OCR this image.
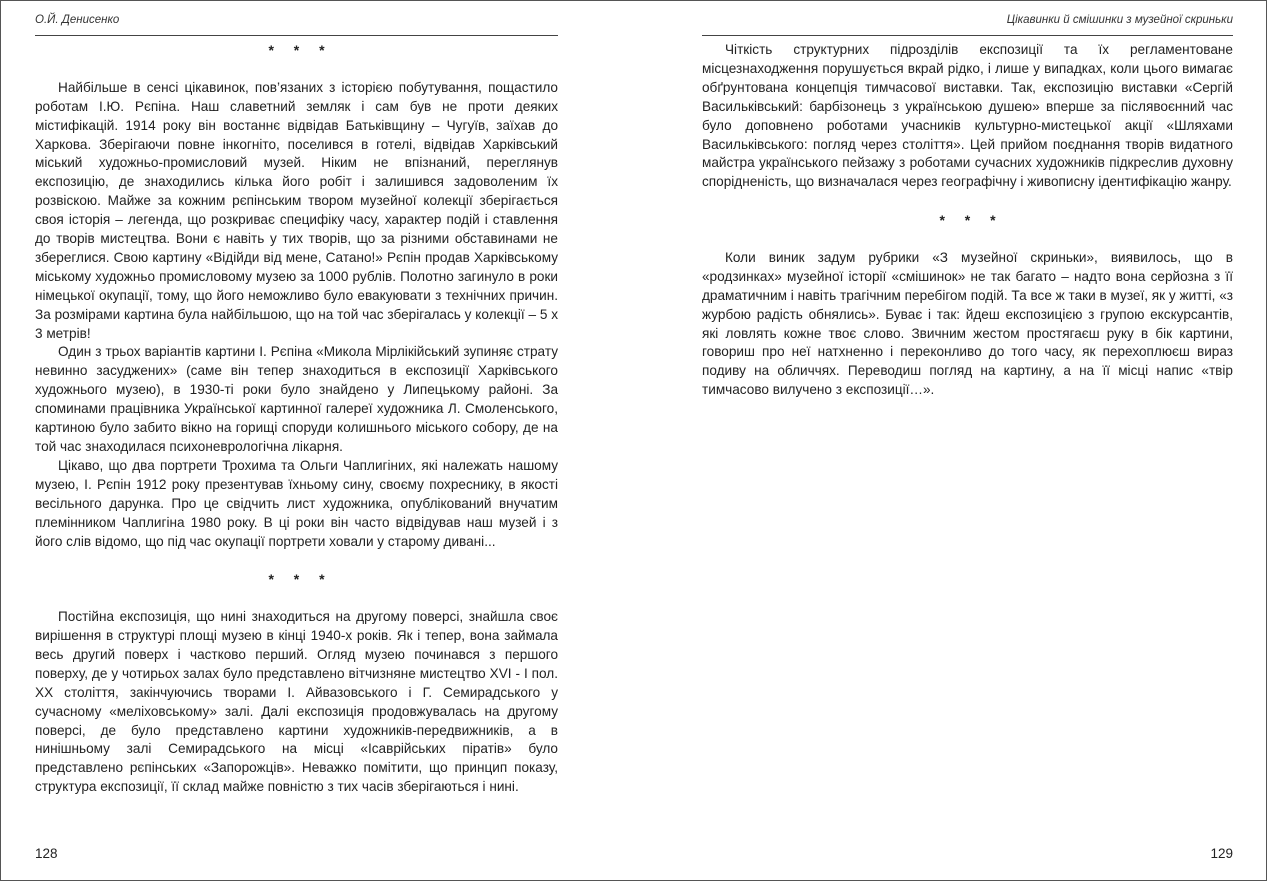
О.Й. Денисенко
* * *

Найбільше в сенсі цікавинок, пов’язаних з історією побутування, пощастило роботам І.Ю. Рєпіна. Наш славетний земляк і сам був не проти деяких містифікацій. 1914 року він востаннє відвідав Батьківщину – Чугуїв, заїхав до Харкова. Зберігаючи повне інкогніто, поселився в готелі, відвідав Харківський міський художньо-промисловий музей. Ніким не впізнаний, переглянув експозицію, де знаходились кілька його робіт і залишився задоволеним їх розвіскою. Майже за кожним рєпінським твором музейної колекції зберігається своя історія – легенда, що розкриває специфіку часу, характер подій і ставлення до творів мистецтва. Вони є навіть у тих творів, що за різними обставинами не збереглися. Свою картину «Відійди від мене, Сатано!» Рєпін продав Харківському міському художньо промисловому музею за 1000 рублів. Полотно загинуло в роки німецької окупації, тому, що його неможливо було евакуювати з технічних причин. За розмірами картина була найбільшою, що на той час зберігалась у колекції – 5 х 3 метрів!

Один з трьох варіантів картини І. Рєпіна «Микола Мірлікійський зупиняє страту невинно засуджених» (саме він тепер знаходиться в експозиції Харківського художнього музею), в 1930-ті роки було знайдено у Липецькому районі. За споминами працівника Української картинної галереї художника Л. Смоленського, картиною було забито вікно на горищі споруди колишнього міського собору, де на той час знаходилася психоневрологічна лікарня.

Цікаво, що два портрети Трохима та Ольги Чаплигіних, які належать нашому музею, І. Рєпін 1912 року презентував їхньому сину, своєму похреснику, в якості весільного дарунка. Про це свідчить лист художника, опублікований внучатим племінником Чаплигіна 1980 року. В ці роки він часто відвідував наш музей і з його слів відомо, що під час окупації портрети ховали у старому дивані...

* * *

Постійна експозиція, що нині знаходиться на другому поверсі, знайшла своє вирішення в структурі площі музею в кінці 1940-х років. Як і тепер, вона займала весь другий поверх і частково перший. Огляд музею починався з першого поверху, де у чотирьох залах було представлено вітчизняне мистецтво XVI - I пол. XX століття, закінчуючись творами І. Айвазовського і Г. Семирадського у сучасному «меліховському» залі. Далі експозиція продовжувалась на другому поверсі, де було представлено картини художників-передвижників, а в нинішньому залі Семирадського на місці «Ісаврійських піратів» було представлено рєпінських «Запорожців». Неважко помітити, що принцип показу, структура експозиції, її склад майже повністю з тих часів зберігаються і нині.

128
Цікавинки й смішинки з музейної скриньки

Чіткість структурних підрозділів експозиції та їх регламентоване місцезнаходження порушується вкрай рідко, і лише у випадках, коли цього вимагає обґрунтована концепція тимчасової виставки. Так, експозицію виставки «Сергій Васильківський: барбізонець з українською душею» вперше за післявоєнний час було доповнено роботами учасників культурно-мистецької акції «Шляхами Васильківського: погляд через століття». Цей прийом поєднання творів видатного майстра українського пейзажу з роботами сучасних художників підкреслив духовну спорідненість, що визначалася через географічну і живописну ідентифікацію жанру.

* * *

Коли виник задум рубрики «З музейної скриньки», виявилось, що в «родзинках» музейної історії «смішинок» не так багато – надто вона серйозна з її драматичним і навіть трагічним перебігом подій. Та все ж таки в музеї, як у житті, «з журбою радість обнялись». Буває і так: йдеш експозицією з групою екскурсантів, які ловлять кожне твоє слово. Звичним жестом простягаєш руку в бік картини, говориш про неї натхненно і переконливо до того часу, як перехоплюєш вираз подиву на обличчях. Переводиш погляд на картину, а на її місці напис «твір тимчасово вилучено з експозиції…».

129
